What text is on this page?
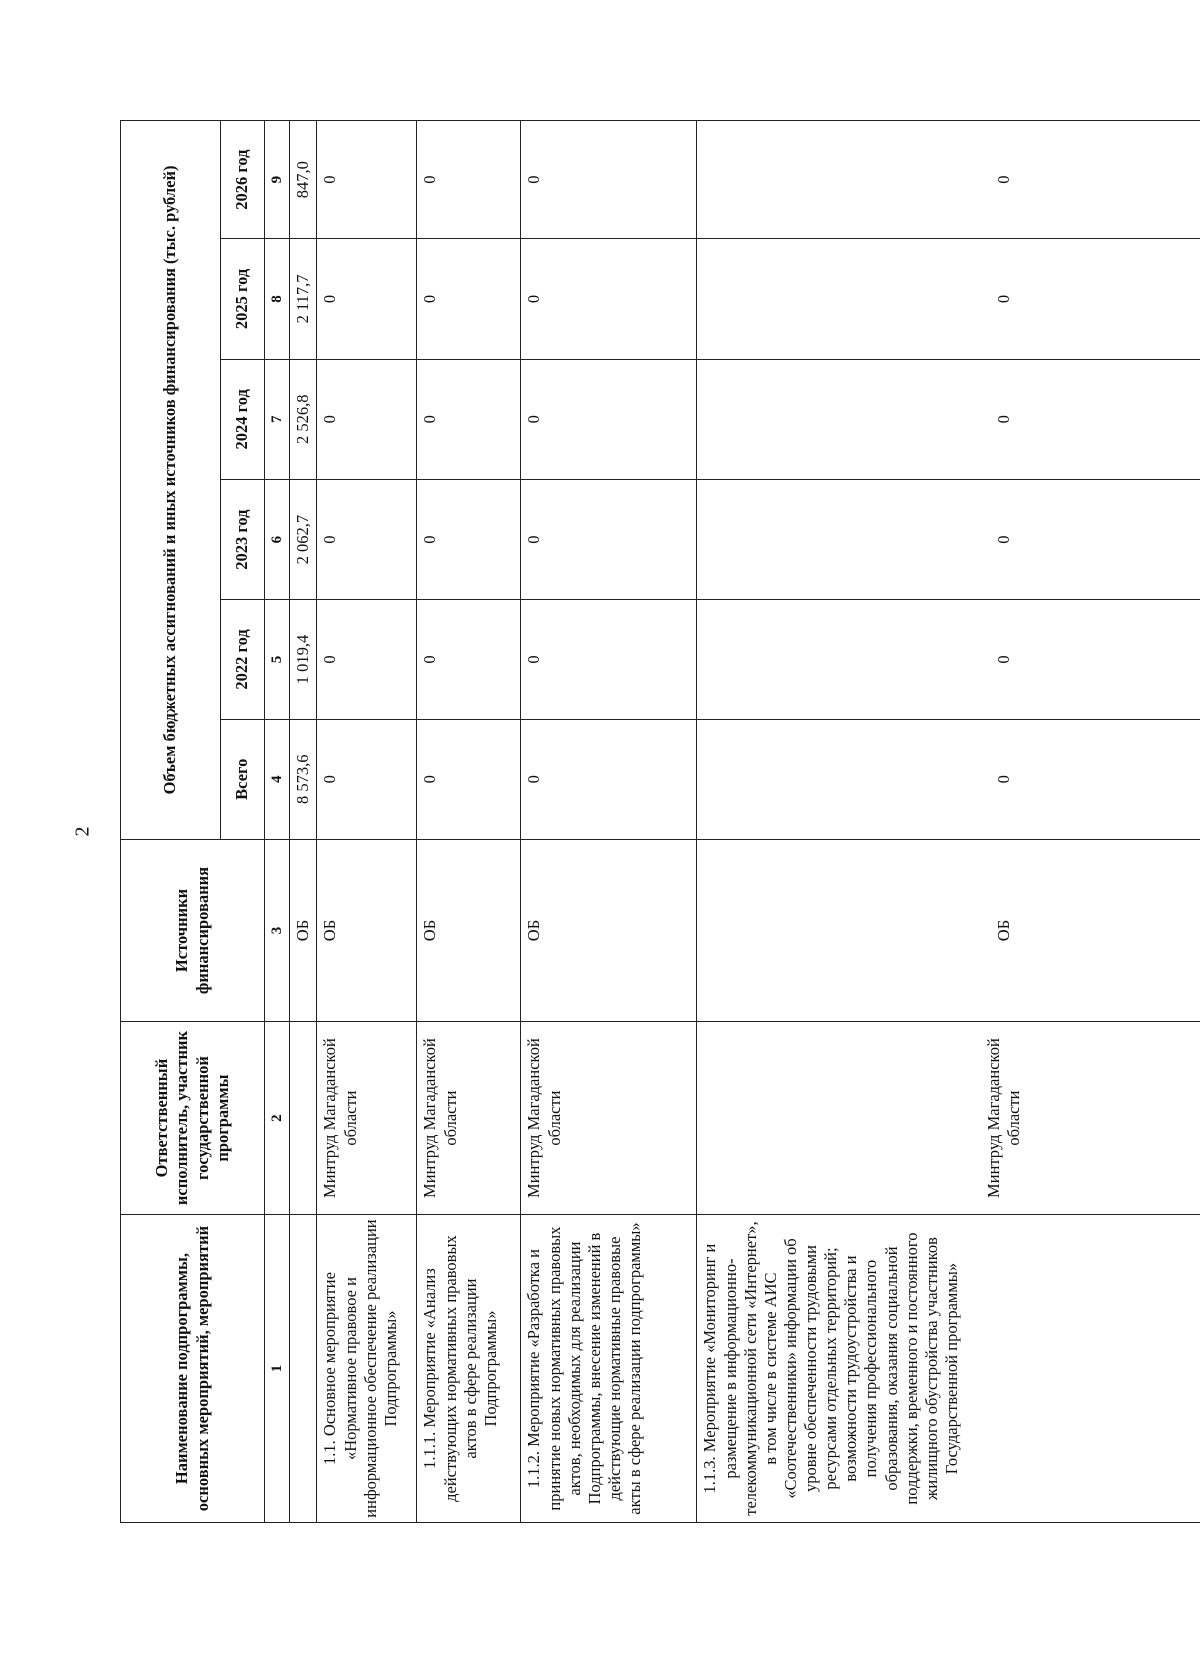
2
Наименование подпрограммы, основных мероприятий, мероприятий	Ответственный исполнитель, участник государственной программы	Источники финансирования	Объем бюджетных ассигнований и иных источников финансирования (тыс. рублей)					
			Всего	2022 год	2023 год	2024 год	2025 год	2026 год
1	2	3	4	5	6	7	8	9
		ОБ	8 573,6	1 019,4	2 062,7	2 526,8	2 117,7	847,0
1.1. Основное мероприятие «Нормативное правовое и информационное обеспечение реализации Подпрограммы»	Минтруд Магаданской области	ОБ	0	0	0	0	0	0
1.1.1. Мероприятие «Анализ действующих нормативных правовых актов в сфере реализации Подпрограммы»	Минтруд Магаданской области	ОБ	0	0	0	0	0	0
1.1.2. Мероприятие «Разработка и принятие новых нормативных правовых актов, необходимых для реализации Подпрограммы, внесение изменений в действующие нормативные правовые акты в сфере реализации подпрограммы»	Минтруд Магаданской области	ОБ	0	0	0	0	0	0
1.1.3. Мероприятие «Мониторинг и размещение в информационно-телекоммуникационной сети «Интернет», в том числе в системе АИС «Соотечественники» информации об уровне обеспеченности трудовыми ресурсами отдельных территорий; возможности трудоустройства и получения профессионального образования, оказания социальной поддержки, временного и постоянного жилищного обустройства участников Государственной программы»	Минтруд Магаданской области	ОБ	0	0	0	0	0	0
